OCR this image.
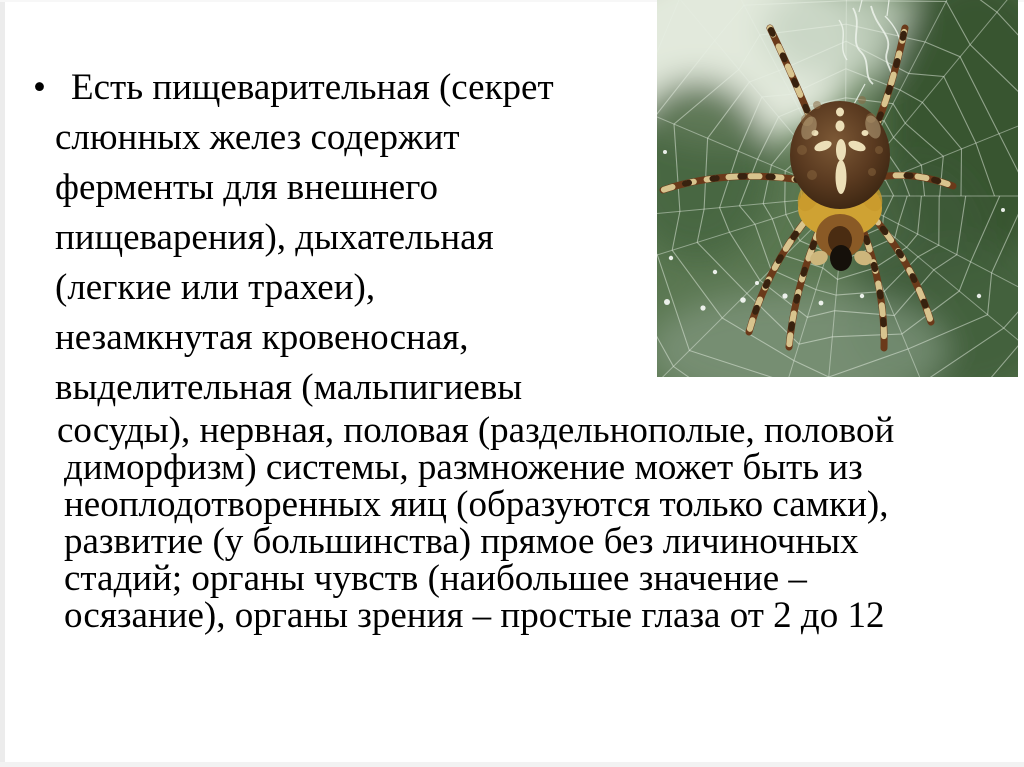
• Есть пищеварительная (секрет
слюнных желез содержит
ферменты для внешнего
пищеварения), дыхательная
(легкие или трахеи),
незамкнутая кровеносная,
выделительная (мальпигиевы
сосуды), нервная, половая (раздельнополые, половой
диморфизм) системы, размножение может быть из
неоплодотворенных яиц (образуются только самки),
развитие (у большинства) прямое без личиночных
стадий; органы чувств (наибольшее значение –
осязание), органы зрения – простые глаза от 2 до 12
